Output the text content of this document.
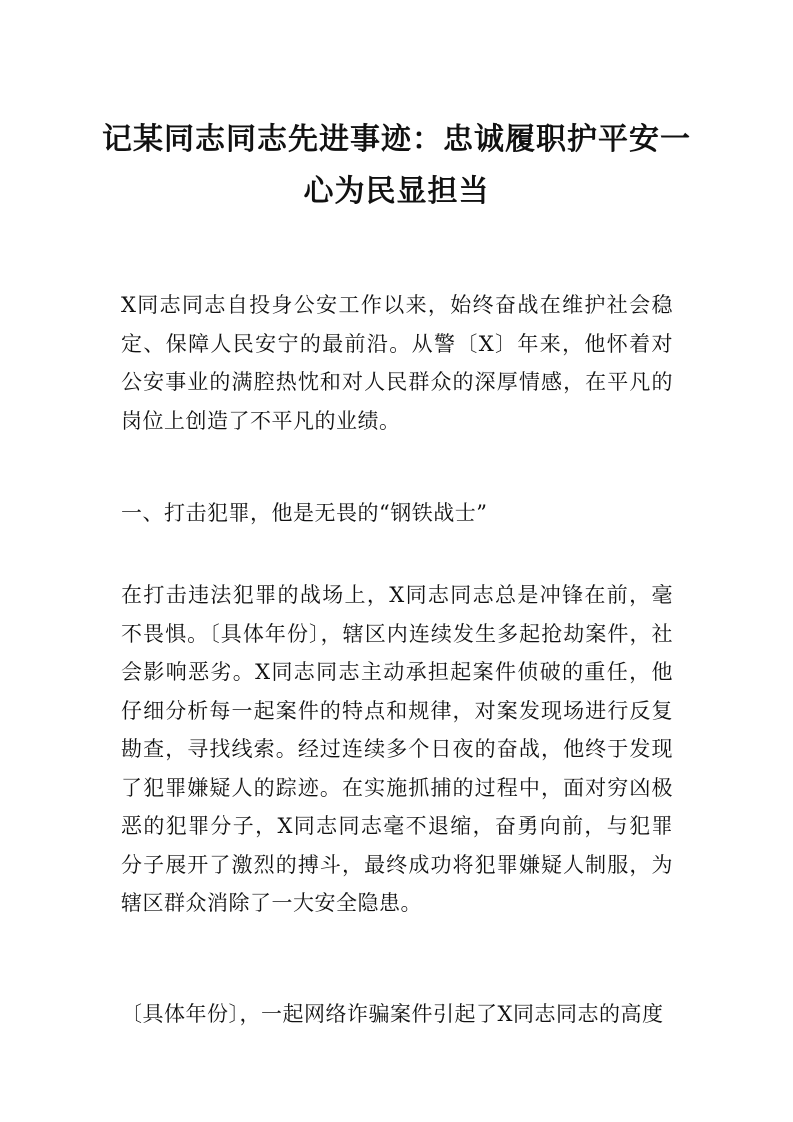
记某同志同志先进事迹：忠诚履职护平安一
心为民显担当

X同志同志自投身公安工作以来，始终奋战在维护社会稳定、保障人民安宁的最前沿。从警〔X〕年来，他怀着对公安事业的满腔热忱和对人民群众的深厚情感，在平凡的岗位上创造了不平凡的业绩。

一、打击犯罪，他是无畏的“钢铁战士”

在打击违法犯罪的战场上，X同志同志总是冲锋在前，毫不畏惧。〔具体年份〕，辖区内连续发生多起抢劫案件，社会影响恶劣。X同志同志主动承担起案件侦破的重任，他仔细分析每一起案件的特点和规律，对案发现场进行反复勘查，寻找线索。经过连续多个日夜的奋战，他终于发现了犯罪嫌疑人的踪迹。在实施抓捕的过程中，面对穷凶极恶的犯罪分子，X同志同志毫不退缩，奋勇向前，与犯罪分子展开了激烈的搏斗，最终成功将犯罪嫌疑人制服，为辖区群众消除了一大安全隐患。

〔具体年份〕，一起网络诈骗案件引起了X同志同志的高度
